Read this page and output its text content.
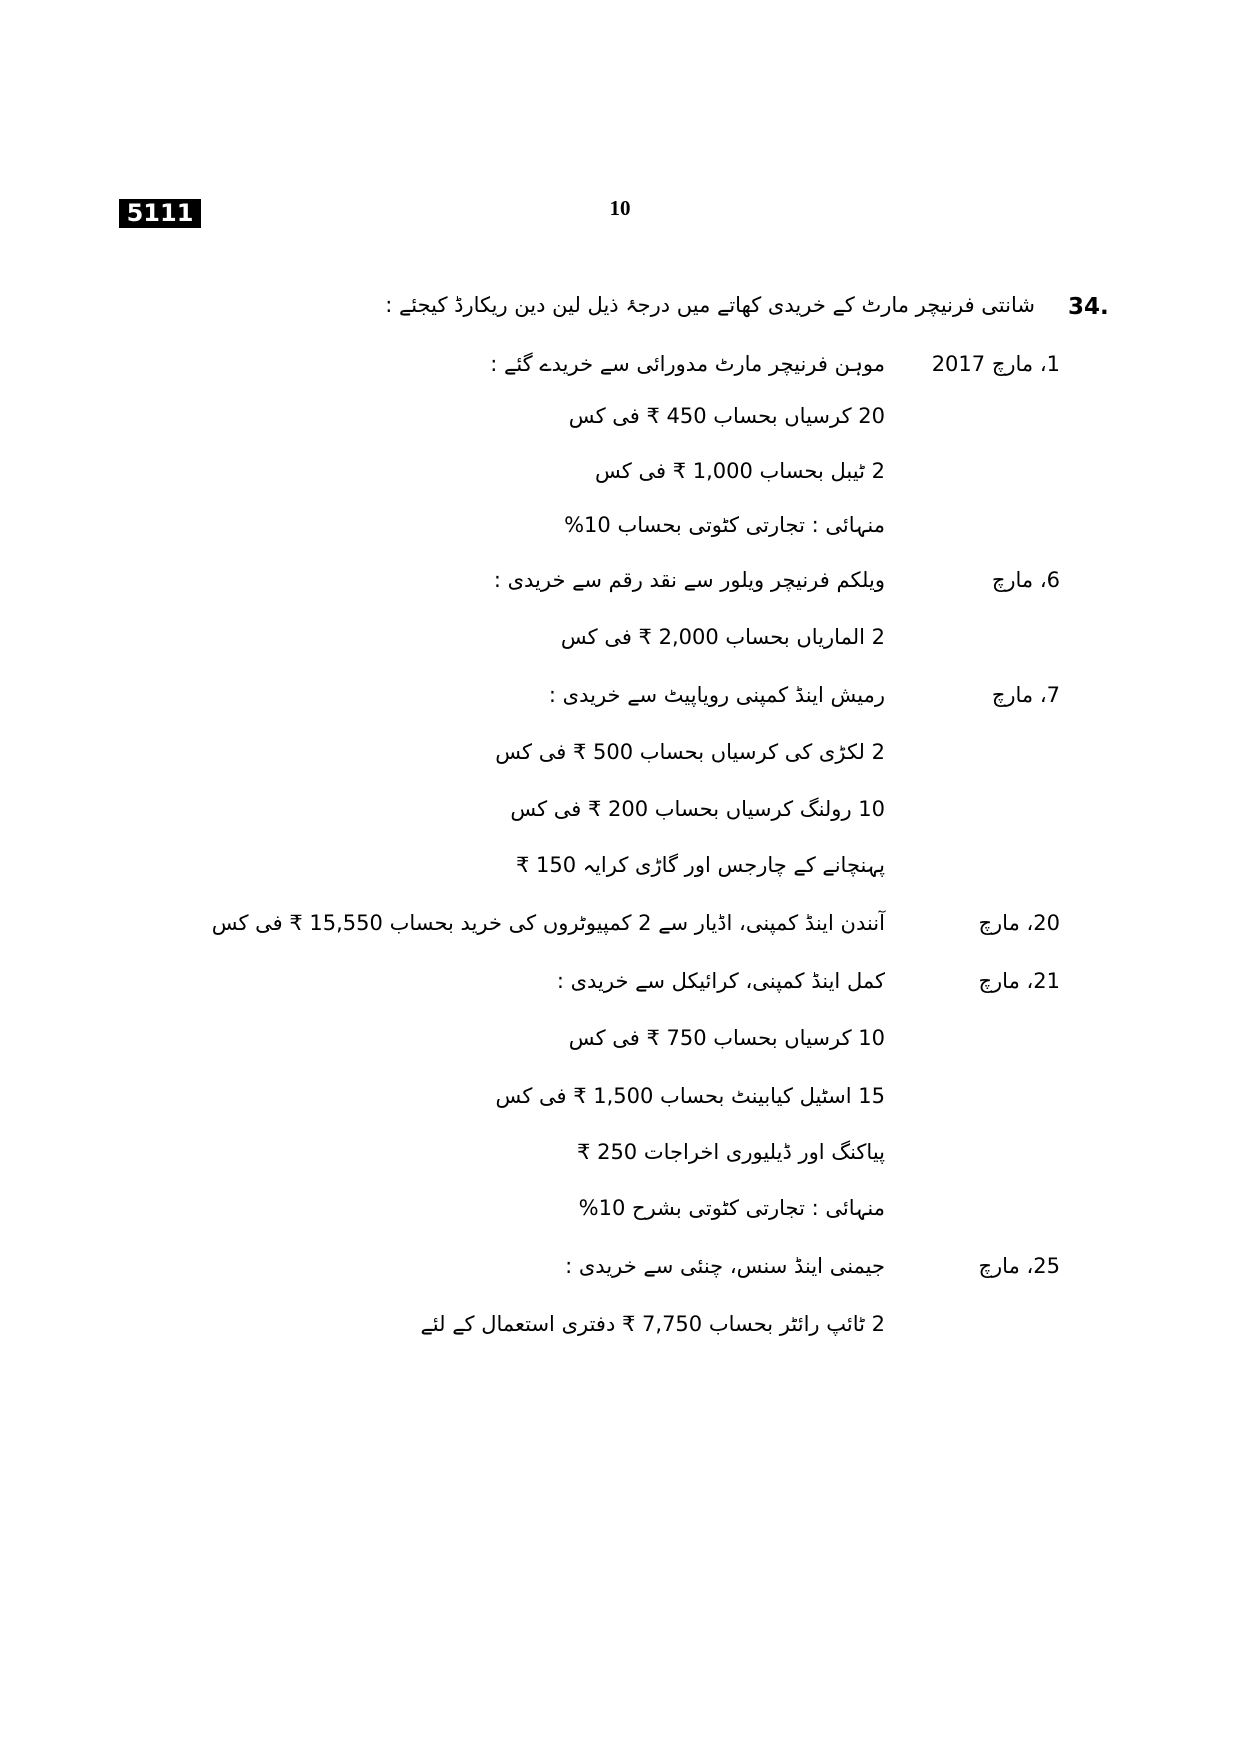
5111	10
34.
شانتی فرنیچر مارٹ کے خریدی کھاتے میں درجۂ ذیل لین دین ریکارڈ کیجئے :
1، مارچ 2017
موہن فرنیچر مارٹ مدورائی سے خریدے گئے :
20 کرسیاں بحساب 450 ₹ فی کس
2 ٹیبل بحساب 1,000 ₹ فی کس
منہائی : تجارتی کٹوتی بحساب 10%
6، مارچ
ویلکم فرنیچر ویلور سے نقد رقم سے خریدی :
2 الماریاں بحساب 2,000 ₹ فی کس
7، مارچ
رمیش اینڈ کمپنی رویاپیٹ سے خریدی :
2 لکڑی کی کرسیاں بحساب 500 ₹ فی کس
10 رولنگ کرسیاں بحساب 200 ₹ فی کس
پہنچانے کے چارجس اور گاڑی کرایہ 150 ₹
20، مارچ
آنندن اینڈ کمپنی، اڈیار سے 2 کمپیوٹروں کی خرید بحساب 15,550 ₹ فی کس
21، مارچ
کمل اینڈ کمپنی، کرائیکل سے خریدی :
10 کرسیاں بحساب 750 ₹ فی کس
15 اسٹیل کیابینٹ بحساب 1,500 ₹ فی کس
پیاکنگ اور ڈیلیوری اخراجات 250 ₹
منہائی : تجارتی کٹوتی بشرح 10%
25، مارچ
جیمنی اینڈ سنس، چنئی سے خریدی :
2 ٹائپ رائٹر بحساب 7,750 ₹ دفتری استعمال کے لئے
